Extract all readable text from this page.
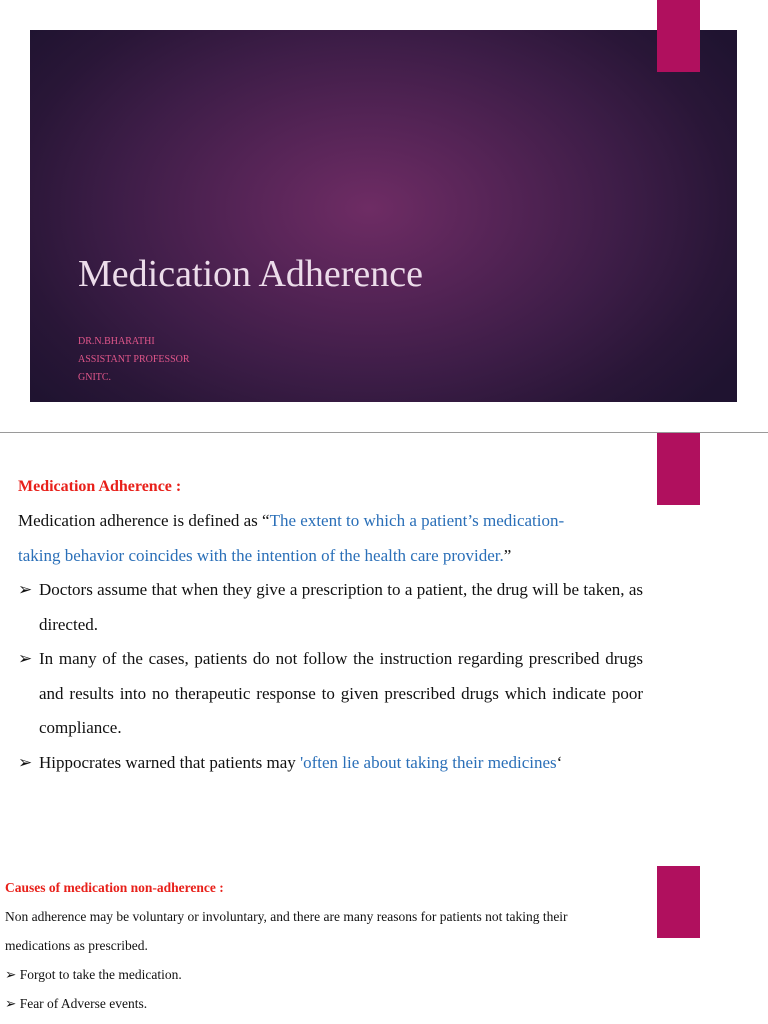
Medication Adherence
DR.N.BHARATHI
ASSISTANT PROFESSOR
GNITC.
Medication Adherence :
Medication adherence is defined as “The extent to which a patient’s medication-
taking behavior coincides with the intention of the health care provider.”
➢ Doctors assume that when they give a prescription to a patient, the drug will be taken, as directed.
➢ In many of the cases, patients do not follow the instruction regarding prescribed drugs and results into no therapeutic response to given prescribed drugs which indicate poor compliance.
➢ Hippocrates warned that patients may 'often lie about taking their medicines‘
Causes of medication non-adherence :
Non adherence may be voluntary or involuntary, and there are many reasons for patients not taking their medications as prescribed.
➢ Forgot to take the medication.
➢ Fear of Adverse events.
